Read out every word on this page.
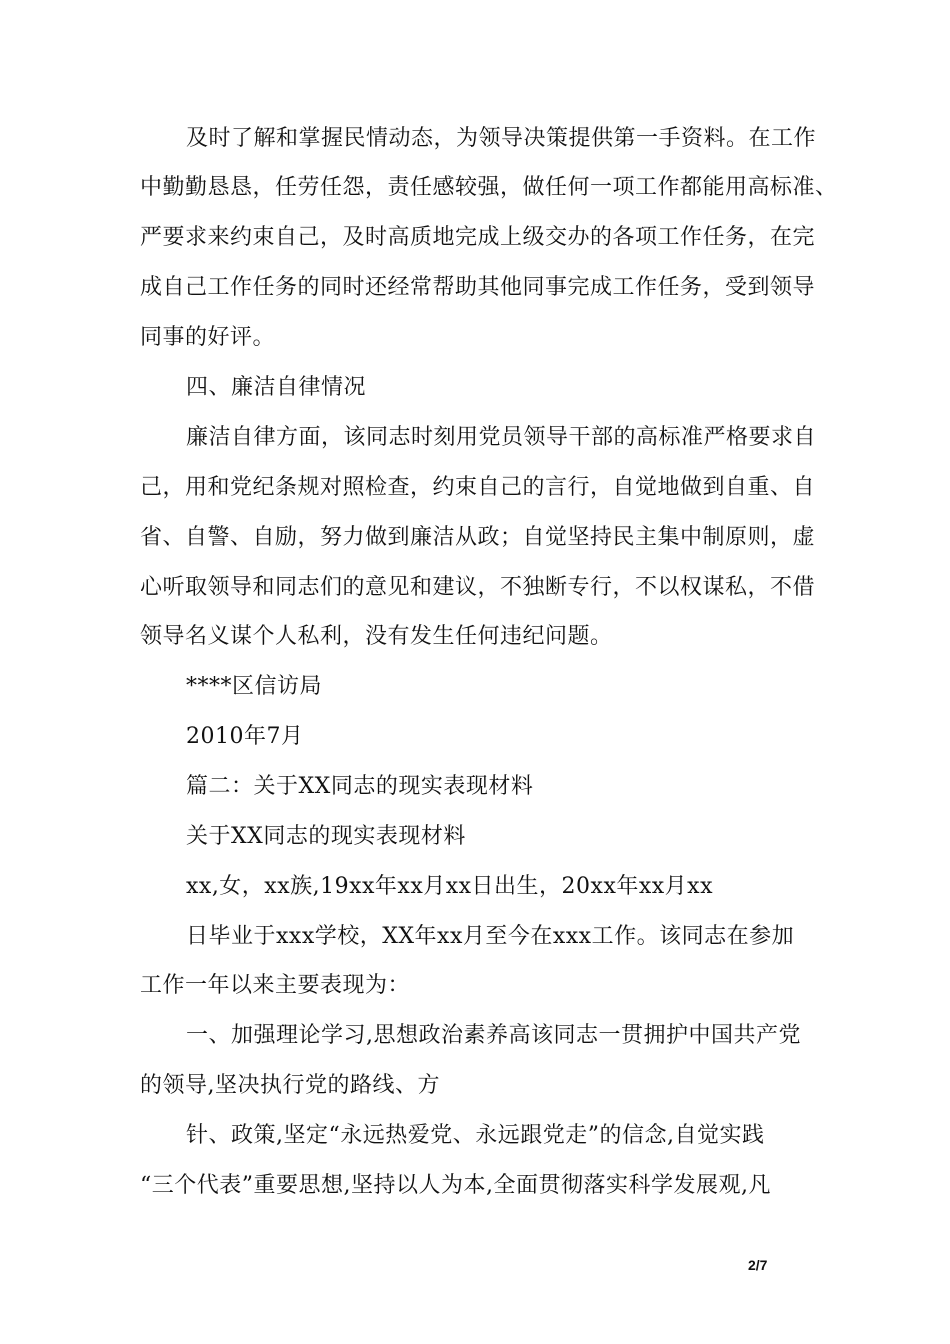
及时了解和掌握民情动态，为领导决策提供第一手资料。在工作
中勤勤恳恳，任劳任怨，责任感较强，做任何一项工作都能用高标准、
严要求来约束自己，及时高质地完成上级交办的各项工作任务，在完
成自己工作任务的同时还经常帮助其他同事完成工作任务，受到领导
同事的好评。
四、廉洁自律情况
廉洁自律方面，该同志时刻用党员领导干部的高标准严格要求自
己，用和党纪条规对照检查，约束自己的言行，自觉地做到自重、自
省、自警、自励，努力做到廉洁从政；自觉坚持民主集中制原则，虚
心听取领导和同志们的意见和建议，不独断专行，不以权谋私，不借
领导名义谋个人私利，没有发生任何违纪问题。
****区信访局
2010年7月
篇二：关于XX同志的现实表现材料
关于XX同志的现实表现材料
xx,女，xx族,19xx年xx月xx日出生，20xx年xx月xx
日毕业于xxx学校，XX年xx月至今在xxx工作。该同志在参加
工作一年以来主要表现为：
一、加强理论学习,思想政治素养高该同志一贯拥护中国共产党
的领导,坚决执行党的路线、方
针、政策,坚定“永远热爱党、永远跟党走”的信念,自觉实践
“三个代表”重要思想,坚持以人为本,全面贯彻落实科学发展观,凡
2/7
